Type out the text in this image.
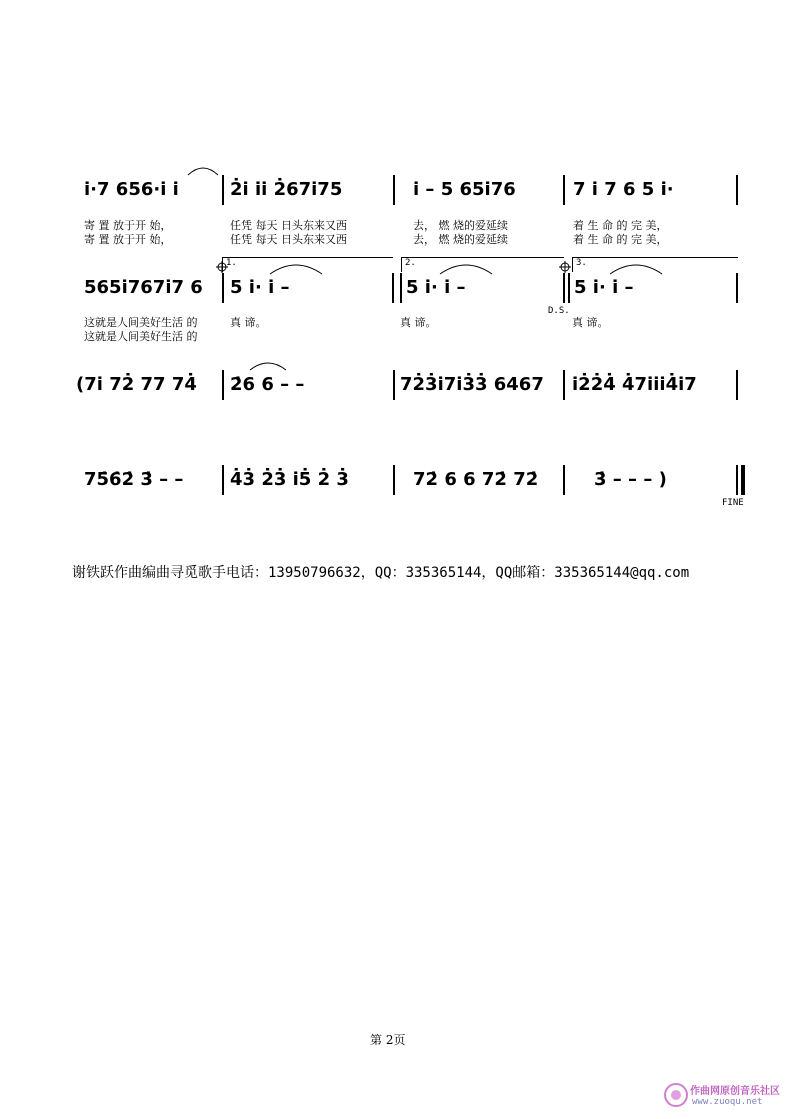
i̇·7 656·i̇ i̇	2̇i̇ i̇i̇ 2̇67i̇75	i̇ – 5 65i̇76	7 i̇ 7 6 5 i̇·
寄 置 放于开 始，	任凭 每天 日头东来又西	去， 燃 烧的爱延续	着 生 命 的 完 美，
寄 置 放于开 始，	任凭 每天 日头东来又西	去， 燃 烧的爱延续	着 生 命 的 完 美，
1.	2.	3.
565i̇767i̇7 6 5 i̇· i̇ –	5 i̇· i̇ –	5 i̇· i̇ –
D.S.
这就是人间美好生活 的	真 谛。	真 谛。	真 谛。
这就是人间美好生活 的
(7i̇ 72̇ 77 74̇ 2̇6 6 – –	72̇3̇i̇7i̇3̇3̇ 6467 i̇2̇2̇4̇ 4̇7i̇i̇i̇4̇i̇7
75̇6̇2̇ 3̇ – –	4̇3̇ 2̇3̇ i̇5̇ 2̇ 3̇	72̇ 6 6 72̇ 72̇	3̇ – – – )
FINE
谢铁跃作曲编曲寻觅歌手电话：13950796632，QQ：335365144，QQ邮箱：335365144@qq.com
第 2页
作曲网原创音乐社区
www.zuoqu.net
